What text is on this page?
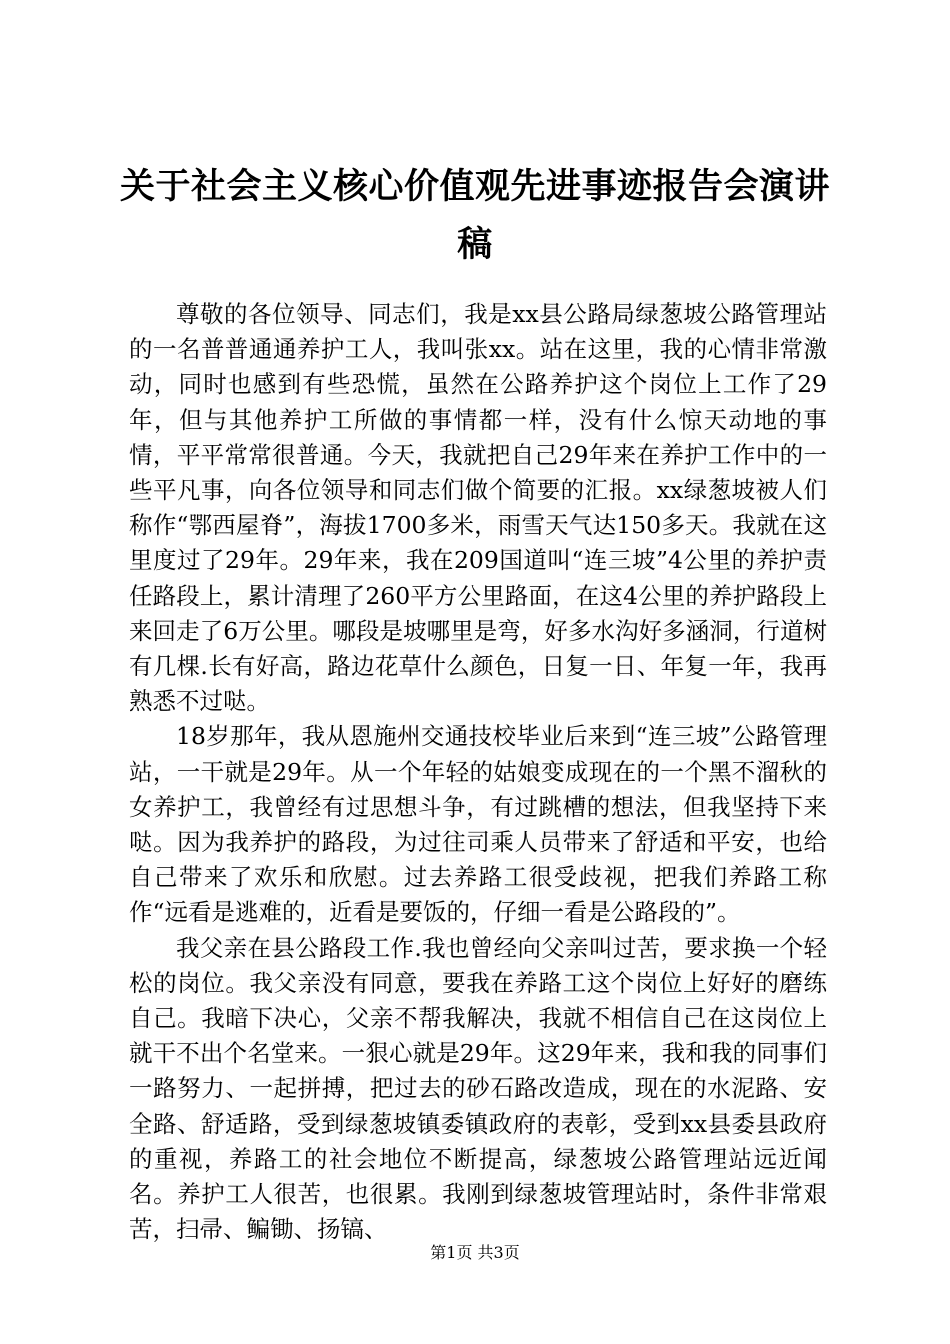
关于社会主义核心价值观先进事迹报告会演讲稿

尊敬的各位领导、同志们，我是xx县公路局绿葱坡公路管理站的一名普普通通养护工人，我叫张xx。站在这里，我的心情非常激动，同时也感到有些恐慌，虽然在公路养护这个岗位上工作了29年，但与其他养护工所做的事情都一样，没有什么惊天动地的事情，平平常常很普通。今天，我就把自己29年来在养护工作中的一些平凡事，向各位领导和同志们做个简要的汇报。xx绿葱坡被人们称作“鄂西屋脊”，海拔1700多米，雨雪天气达150多天。我就在这里度过了29年。29年来，我在209国道叫“连三坡”4公里的养护责任路段上，累计清理了260平方公里路面，在这4公里的养护路段上来回走了6万公里。哪段是坡哪里是弯，好多水沟好多涵洞，行道树有几棵.长有好高，路边花草什么颜色，日复一日、年复一年，我再熟悉不过哒。

18岁那年，我从恩施州交通技校毕业后来到“连三坡”公路管理站，一干就是29年。从一个年轻的姑娘变成现在的一个黑不溜秋的女养护工，我曾经有过思想斗争，有过跳槽的想法，但我坚持下来哒。因为我养护的路段，为过往司乘人员带来了舒适和平安，也给自己带来了欢乐和欣慰。过去养路工很受歧视，把我们养路工称作“远看是逃难的，近看是要饭的，仔细一看是公路段的”。

我父亲在县公路段工作.我也曾经向父亲叫过苦，要求换一个轻松的岗位。我父亲没有同意，要我在养路工这个岗位上好好的磨练自己。我暗下决心，父亲不帮我解决，我就不相信自己在这岗位上就干不出个名堂来。一狠心就是29年。这29年来，我和我的同事们一路努力、一起拼搏，把过去的砂石路改造成，现在的水泥路、安全路、舒适路，受到绿葱坡镇委镇政府的表彰，受到xx县委县政府的重视，养路工的社会地位不断提高，绿葱坡公路管理站远近闻名。养护工人很苦，也很累。我刚到绿葱坡管理站时，条件非常艰苦，扫帚、鳊锄、扬镐、

第1页 共3页
